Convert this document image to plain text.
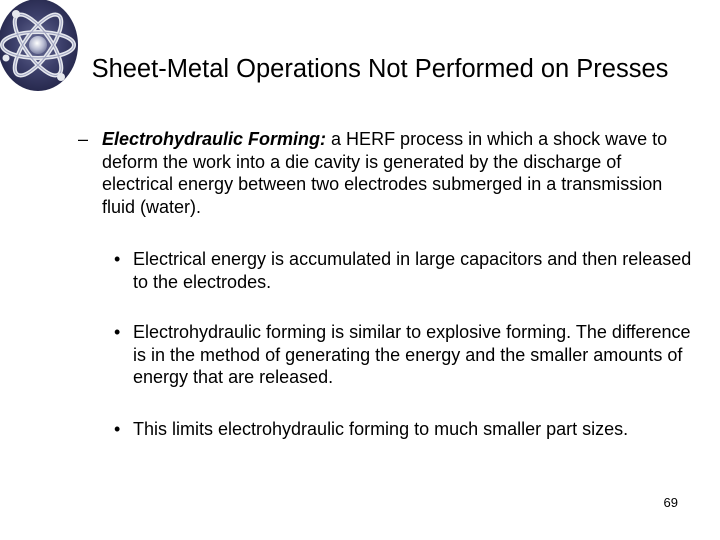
Sheet-Metal Operations Not Performed on Presses
– Electrohydraulic Forming: a HERF process in which a shock wave to deform the work into a die cavity is generated by the discharge of electrical energy between two electrodes submerged in a transmission fluid (water).
• Electrical energy is accumulated in large capacitors and then released to the electrodes.
• Electrohydraulic forming is similar to explosive forming. The difference is in the method of generating the energy and the smaller amounts of energy that are released.
• This limits electrohydraulic forming to much smaller part sizes.
69
